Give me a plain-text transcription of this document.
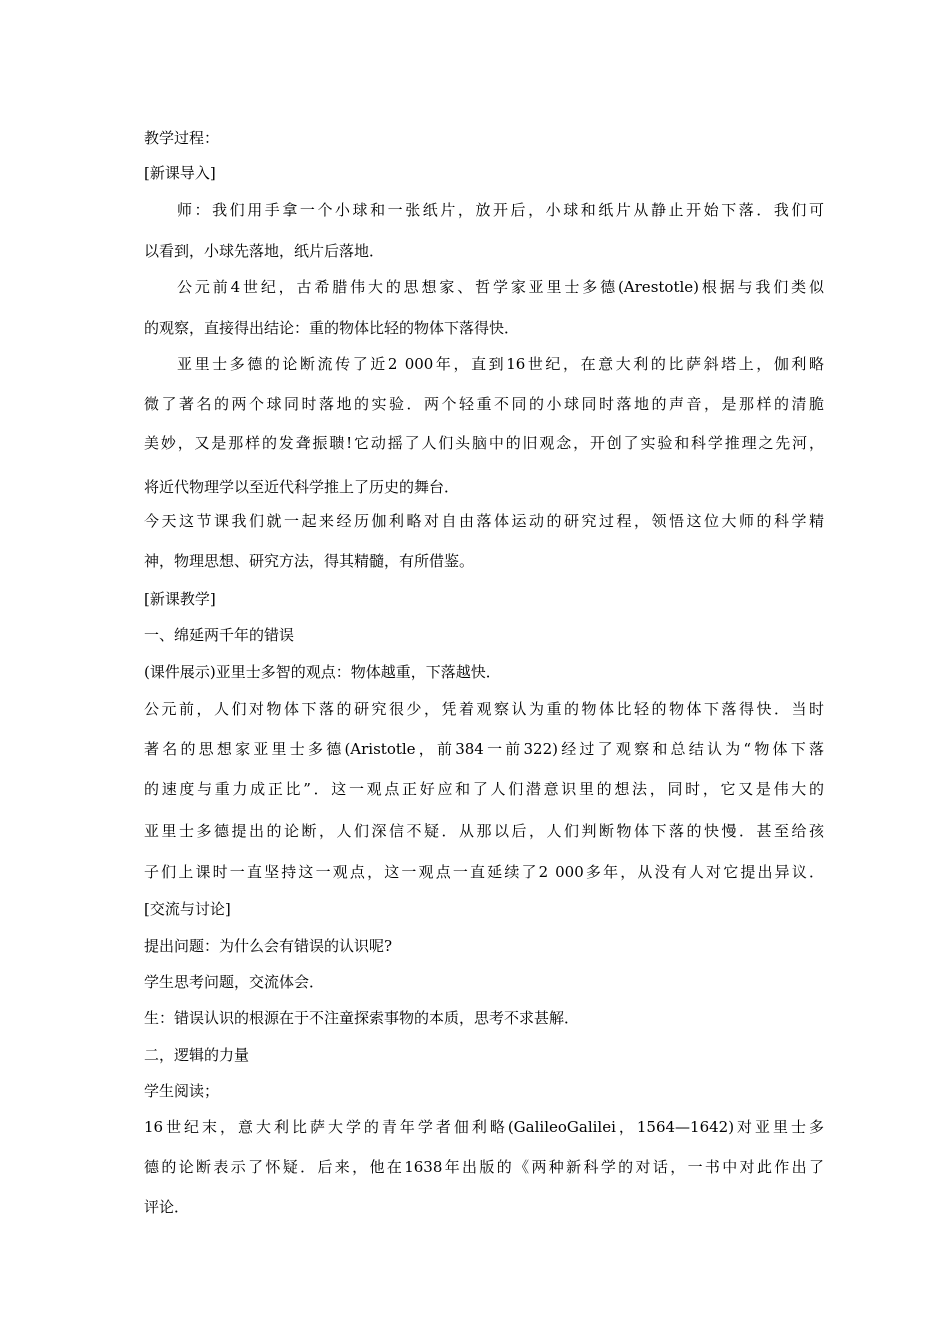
教学过程：
[新课导入]
师：我们用手拿一个小球和一张纸片，放开后，小球和纸片从静止开始下落．我们可
以看到，小球先落地，纸片后落地．
公元前4世纪，古希腊伟大的思想家、哲学家亚里士多德(Arestotle)根据与我们类似
的观察，直接得出结论：重的物体比轻的物体下落得快．
亚里士多德的论断流传了近2 000年，直到16世纪，在意大利的比萨斜塔上，伽利略
微了著名的两个球同时落地的实验．两个轻重不同的小球同时落地的声音，是那样的清脆
美妙，又是那样的发聋振聩!它动摇了人们头脑中的旧观念，开创了实验和科学推理之先河，
将近代物理学以至近代科学推上了历史的舞台．
今天这节课我们就一起来经历伽利略对自由落体运动的研究过程，领悟这位大师的科学精
神，物理思想、研究方法，得其精髓，有所借鉴。
[新课教学]
一、绵延两千年的错误
(课件展示)亚里士多智的观点：物体越重，下落越快．
公元前，人们对物体下落的研究很少，凭着观察认为重的物体比轻的物体下落得快．当时
著名的思想家亚里士多德(Aristotle，前384一前322)经过了观察和总结认为“物体下落
的速度与重力成正比”．这一观点正好应和了人们潜意识里的想法，同时，它又是伟大的
亚里士多德提出的论断，人们深信不疑．从那以后，人们判断物体下落的快慢．甚至给孩
子们上课时一直坚持这一观点，这一观点一直延续了2 000多年，从没有人对它提出异议．
[交流与讨论]
提出问题：为什么会有错误的认识呢?
学生思考问题，交流体会．
生：错误认识的根源在于不注童探索事物的本质，思考不求甚解．
二，逻辑的力量
学生阅读；
16世纪末，意大利比萨大学的青年学者佃利略(GalileoGalilei，1564—1642)对亚里士多
德的论断表示了怀疑．后来，他在1638年出版的《两种新科学的对话，一书中对此作出了
评论．
